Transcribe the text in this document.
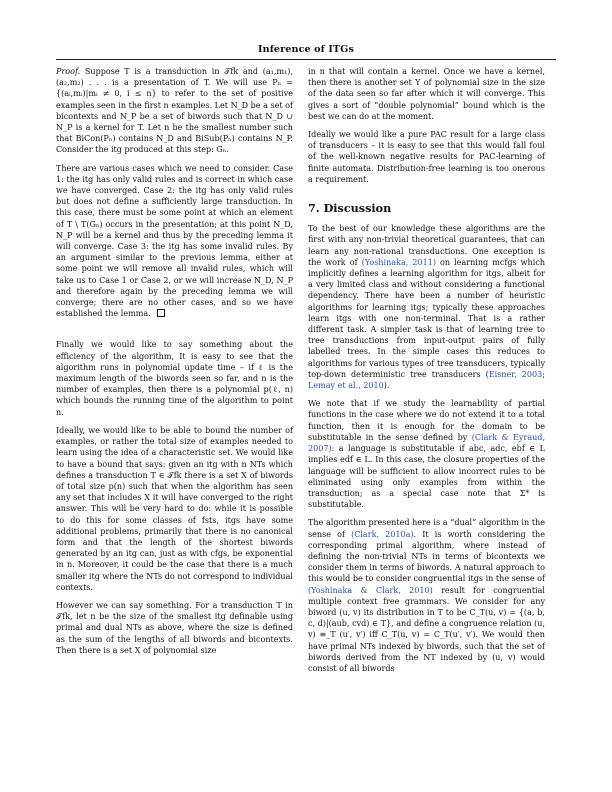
Inference of ITGs

Proof. Suppose T is a transduction in 𝒯fk and (a₁,m₁),(a₂,m₂) . . . is a presentation of T. We will use Pₙ = {(aᵢ,mᵢ)|mᵢ ≠ 0, i ≤ n} to refer to the set of positive examples seen in the first n examples. Let N_D be a set of bicontexts and N_P be a set of biwords such that N_D ∪ N_P is a kernel for T. Let n be the smallest number such that BiCon(Pₙ) contains N_D and BiSub(Pₙ) contains N_P. Consider the itg produced at this step: Gₙ.

There are various cases which we need to consider. Case 1: the itg has only valid rules and is correct in which case we have converged. Case 2: the itg has only valid rules but does not define a sufficiently large transduction. In this case, there must be some point at which an element of T \ T(Gₙ) occurs in the presentation; at this point N_D, N_P will be a kernel and thus by the preceding lemma it will converge. Case 3: the itg has some invalid rules. By an argument similar to the previous lemma, either at some point we will remove all invalid rules, which will take us to Case 1 or Case 2, or we will increase N_D, N_P and therefore again by the preceding lemma we will converge; there are no other cases, and so we have established the lemma.

Finally we would like to say something about the efficiency of the algorithm, It is easy to see that the algorithm runs in polynomial update time – if ℓ is the maximum length of the biwords seen so far, and n is the number of examples, then there is a polynomial p(ℓ, n) which bounds the running time of the algorithm to point n.

Ideally, we would like to be able to bound the number of examples, or rather the total size of examples needed to learn using the idea of a characteristic set. We would like to have a bound that says: given an itg with n NTs which defines a transduction T ∈ 𝒯fk there is a set X of biwords of total size p(n) such that when the algorithm has seen any set that includes X it will have converged to the right answer. This will be very hard to do: while it is possible to do this for some classes of fsts, itgs have some additional problems, primarily that there is no canonical form and that the length of the shortest biwords generated by an itg can, just as with cfgs, be exponential in n. Moreover, it could be the case that there is a much smaller itg where the NTs do not correspond to individual contexts.

However we can say something. For a transduction T in 𝒯fk, let n be the size of the smallest itg definable using primal and dual NTs as above, where the size is defined as the sum of the lengths of all biwords and bicontexts. Then there is a set X of polynomial size

in n that will contain a kernel. Once we have a kernel, then there is another set Y of polynomial size in the size of the data seen so far after which it will converge. This gives a sort of “double polynomial” bound which is the best we can do at the moment.

Ideally we would like a pure PAC result for a large class of transducers – it is easy to see that this would fall foul of the well-known negative results for PAC-learning of finite automata. Distribution-free learning is too onerous a requirement.

7. Discussion

To the best of our knowledge these algorithms are the first with any non-trivial theoretical guarantees, that can learn any non-rational transductions. One exception is the work of (Yoshinaka, 2011) on learning mcfgs which implicitly defines a learning algorithm for itgs, albeit for a very limited class and without considering a functional dependency. There have been a number of heuristic algorithms for learning itgs; typically these approaches learn itgs with one non-terminal. That is a rather different task. A simpler task is that of learning tree to tree transductions from input-output pairs of fully labelled trees. In the simple cases this reduces to algorithms for various types of tree transducers, typically top-down deterministic tree transducers (Eisner, 2003; Lemay et al., 2010).

We note that if we study the learnability of partial functions in the case where we do not extend it to a total function, then it is enough for the domain to be substitutable in the sense defined by (Clark & Eyraud, 2007): a language is substitutable if abc, adc, ebf ∈ L implies edf ∈ L. In this case, the closure properties of the language will be sufficient to allow incorrect rules to be eliminated using only examples from within the transduction; as a special case note that Σ* is substitutable.

The algorithm presented here is a “dual” algorithm in the sense of (Clark, 2010a). It is worth considering the corresponding primal algorithm, where instead of defining the non-trivial NTs in terms of bicontexts we consider them in terms of biwords. A natural approach to this would be to consider congruential itgs in the sense of (Yoshinaka & Clark, 2010) result for congruential multiple context free grammars. We consider for any biword (u, v) its distribution in T to be C_T(u, v) = {(a, b, c, d)|(aub, cvd) ∈ T}, and define a congruence relation (u, v) ≡_T (u′, v′) iff C_T(u, v) = C_T(u′, v′). We would then have primal NTs indexed by biwords, such that the set of biwords derived from the NT indexed by (u, v) would consist of all biwords
